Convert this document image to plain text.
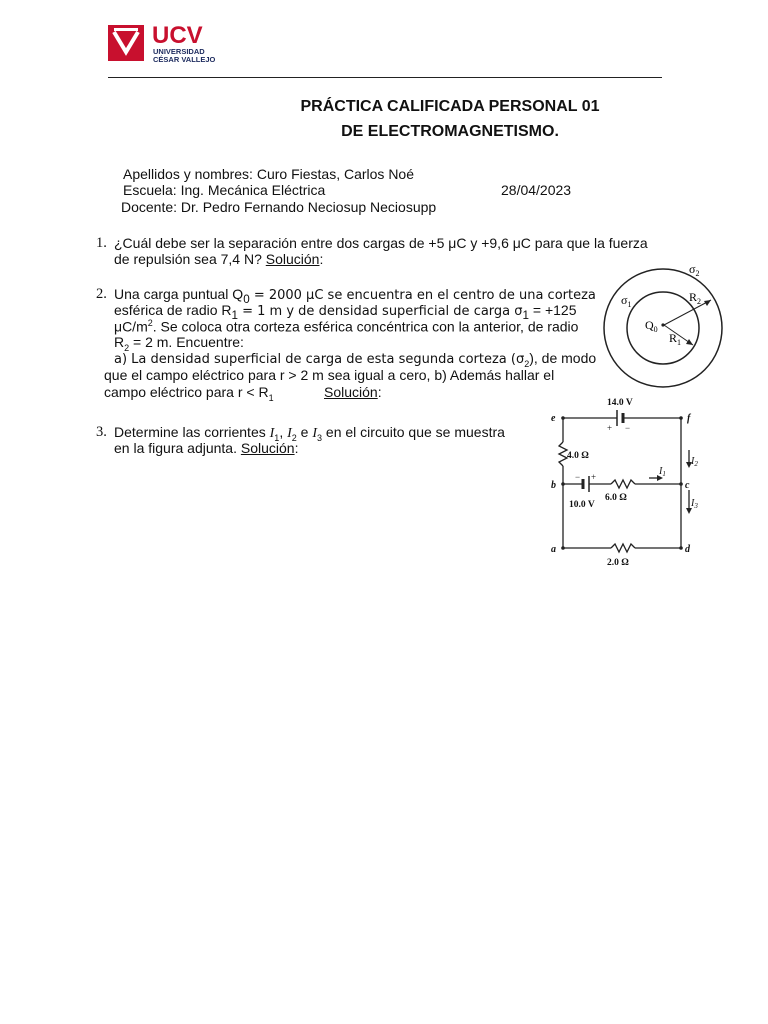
UCV
UNIVERSIDAD
CÉSAR VALLEJO
PRÁCTICA CALIFICADA PERSONAL 01
DE ELECTROMAGNETISMO.
Apellidos y nombres: Curo Fiestas, Carlos Noé
Escuela: Ing. Mecánica Eléctrica	28/04/2023
Docente: Dr. Pedro Fernando Neciosup Neciosupp
1. ¿Cuál debe ser la separación entre dos cargas de +5 μC y +9,6 μC para que la fuerza
de repulsión sea 7,4 N? Solución:
2. Una carga puntual $Q_0 = 2000$ μC se encuentra en el centro de una corteza
esférica de radio $R_1 = 1$ m y de densidad superficial de carga $\sigma_1 = +125$
$\mu C/m^2$. Se coloca otra corteza esférica concéntrica con la anterior, de radio
$R_2 = 2$ m. Encuentre:
a) La densidad superficial de carga de esta segunda corteza $(\sigma_2)$, de modo
que el campo eléctrico para r > 2 m sea igual a cero, b) Además hallar el
campo eléctrico para $r < R_1$	Solución:
$\sigma_2$
$\sigma_1$
$R_2$
$Q_0$
$R_1$
3. Determine las corrientes $I_1$, $I_2$ e $I_3$ en el circuito que se muestra
en la figura adjunta. Solución:
14.0 V
4.0 Ω
10.0 V
6.0 Ω
2.0 Ω
+ −
− +
e	f
b	c
a	d
$I_1$
$I_2$
$I_3$
